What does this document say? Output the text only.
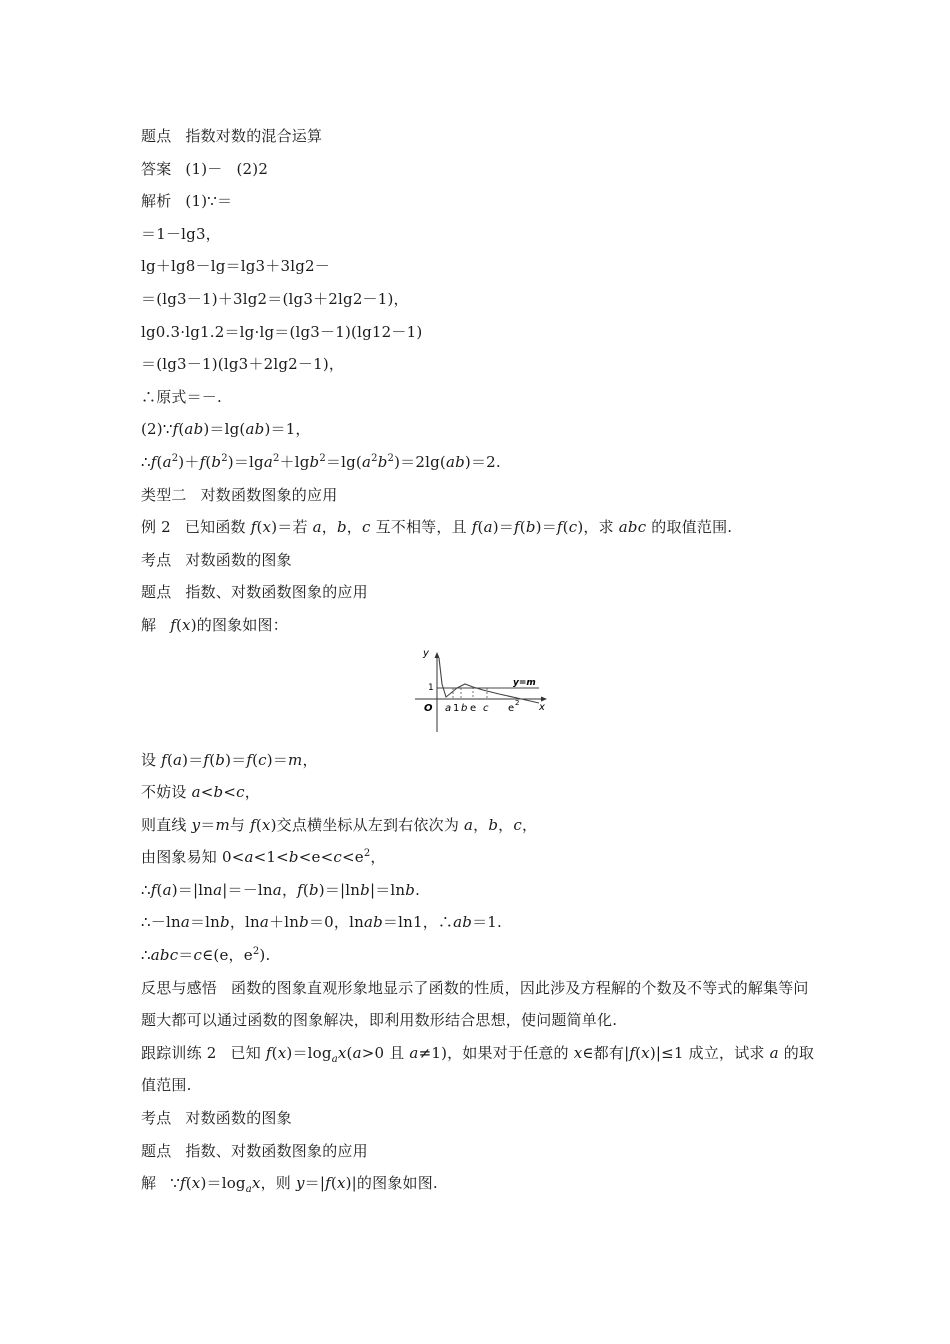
题点 指数对数的混合运算
答案 (1)－ (2)2
解析 (1)∵＝
＝1－lg3，
lg＋lg8－lg＝lg3＋3lg2－
＝(lg3－1)＋3lg2＝(lg3＋2lg2－1)，
lg0.3·lg1.2＝lg·lg＝(lg3－1)(lg12－1)
＝(lg3－1)(lg3＋2lg2－1)，
∴原式＝－.
(2)∵f(ab)＝lg(ab)＝1，
$\therefore f(a^2)+f(b^2)=\lg a^2+\lg b^2=\lg(a^2b^2)=2\lg(ab)=2$.
类型二 对数函数图象的应用
例 2 已知函数 f(x)＝若 a，b，c 互不相等，且 f(a)＝f(b)＝f(c)，求 abc 的取值范围.
考点 对数函数的图象
题点 指数、对数函数图象的应用
解 f(x)的图象如图：
y
x
O
1	y=m
a 1 b e c e 2
设 f(a)＝f(b)＝f(c)＝m，
不妨设 a<b<c，
则直线 y＝m与 f(x)交点横坐标从左到右依次为 a，b，c，
由图象易知 $0<a<1<b<e<c<e^2$，
∴f(a)＝|lna|＝－lna，f(b)＝|lnb|＝lnb.
∴－lna＝lnb，lna＋lnb＝0，lnab＝ln1，∴ab＝1.
∴abc＝c∈(e，$e^2$).
反思与感悟 函数的图象直观形象地显示了函数的性质，因此涉及方程解的个数及不等式的解集等问题大都可以通过函数的图象解决，即利用数形结合思想，使问题简单化.
跟踪训练 2 已知 $f(x)=\log_ax(a>0$ 且 a≠1)，如果对于任意的 x∈都有|f(x)|≤1 成立，试求 a 的取值范围.
考点 对数函数的图象
题点 指数、对数函数图象的应用
解 $\because f(x)=\log_ax$，则 y＝|f(x)|的图象如图.
